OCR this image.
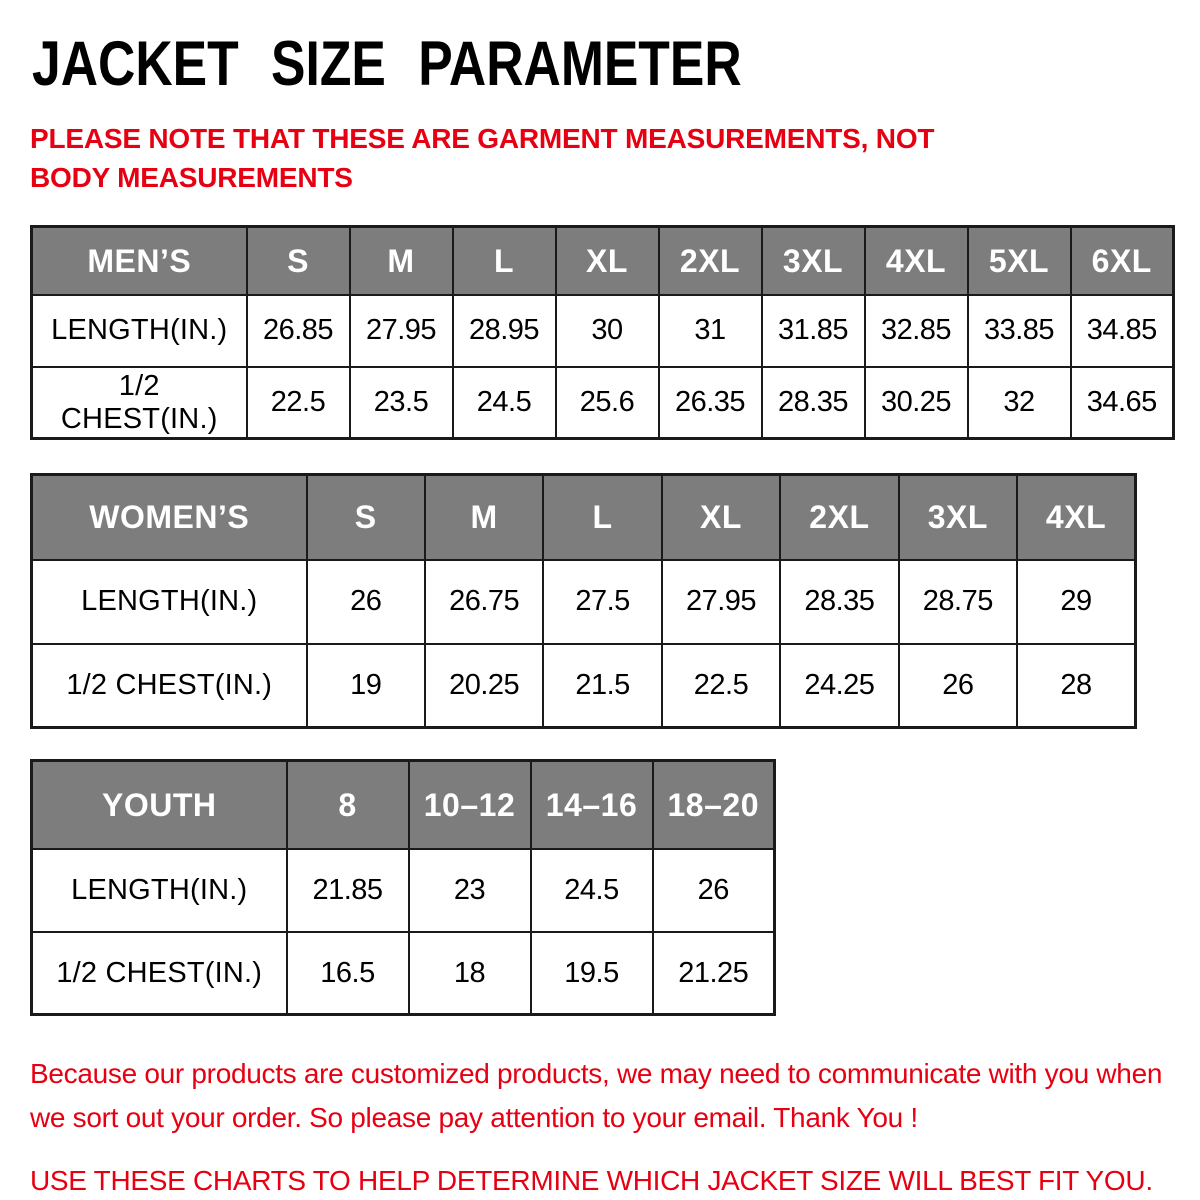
JACKET SIZE PARAMETER
PLEASE NOTE THAT THESE ARE GARMENT MEASUREMENTS, NOT BODY MEASUREMENTS
MEN’S	S	M	L	XL	2XL	3XL	4XL	5XL	6XL
LENGTH(IN.)	26.85	27.95	28.95	30	31	31.85	32.85	33.85	34.85
1/2 CHEST(IN.)	22.5	23.5	24.5	25.6	26.35	28.35	30.25	32	34.65
WOMEN’S	S	M	L	XL	2XL	3XL	4XL
LENGTH(IN.)	26	26.75	27.5	27.95	28.35	28.75	29
1/2 CHEST(IN.)	19	20.25	21.5	22.5	24.25	26	28
YOUTH	8	10–12	14–16	18–20
LENGTH(IN.)	21.85	23	24.5	26
1/2 CHEST(IN.)	16.5	18	19.5	21.25
Because our products are customized products, we may need to communicate with you when we sort out your order. So please pay attention to your email. Thank You !
USE THESE CHARTS TO HELP DETERMINE WHICH JACKET SIZE WILL BEST FIT YOU.
